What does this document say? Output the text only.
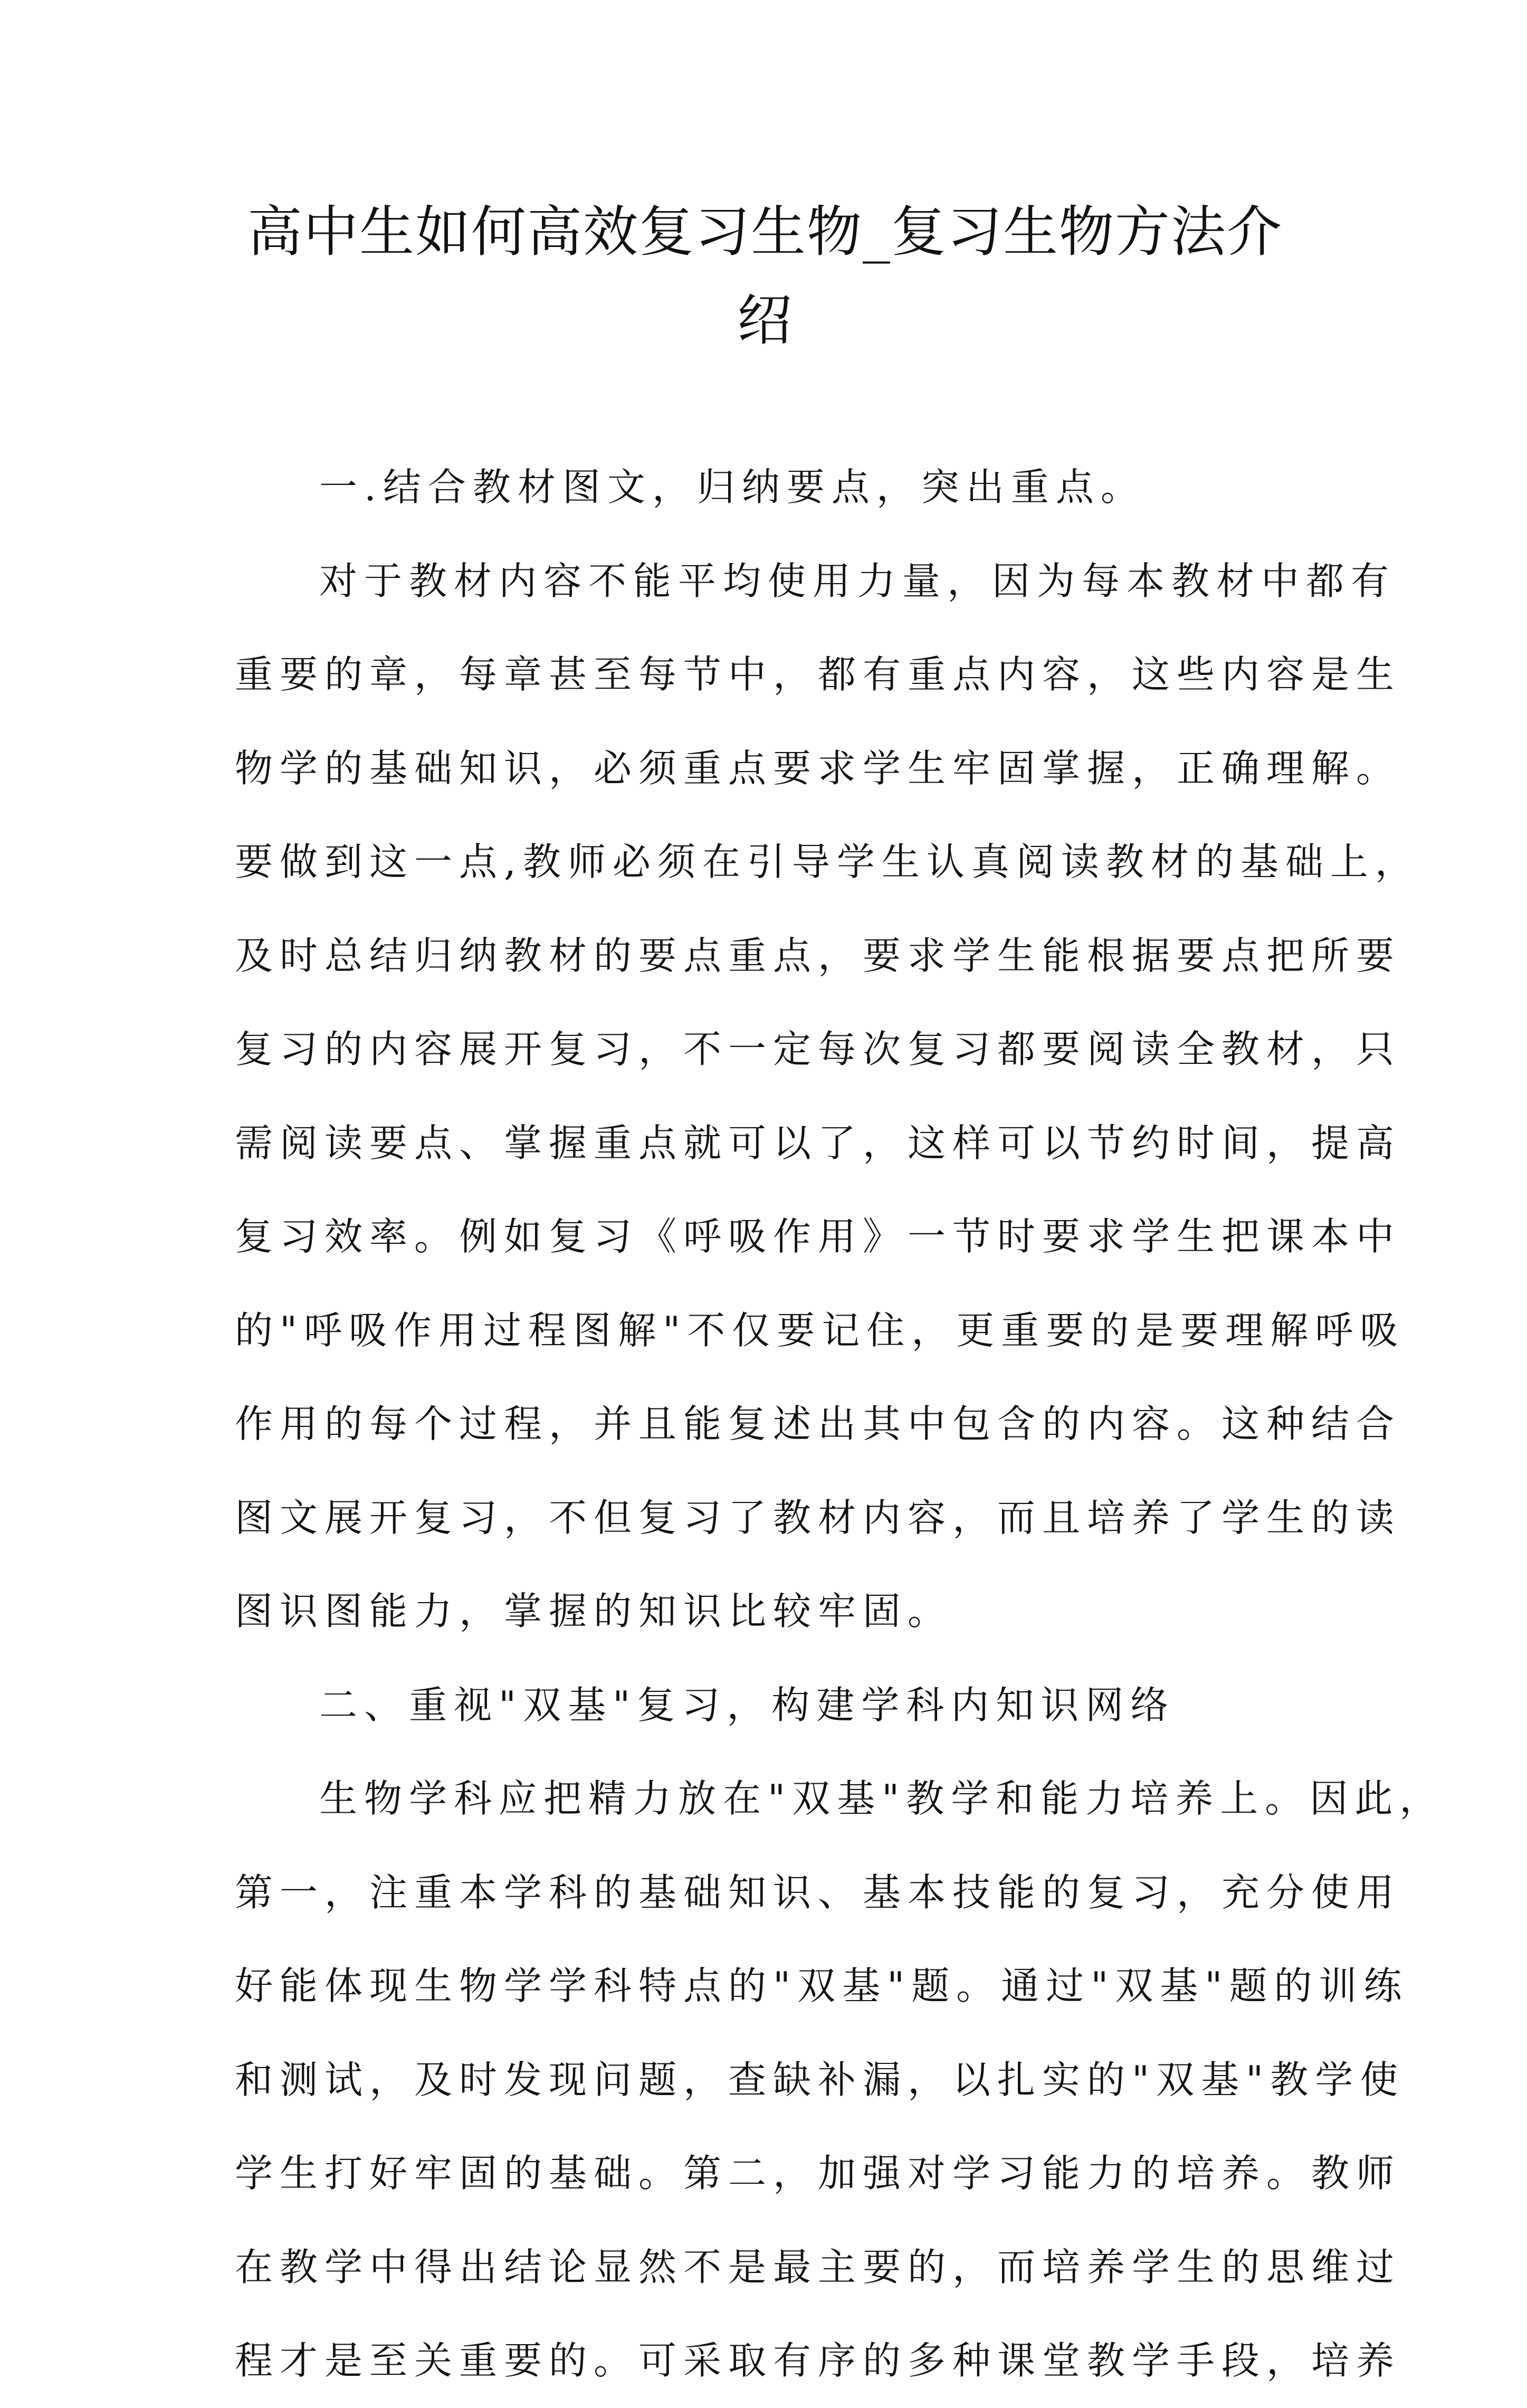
高中生如何高效复习生物_复习生物方法介
绍
一.结合教材图文，归纳要点，突出重点。
对于教材内容不能平均使用力量，因为每本教材中都有
重要的章，每章甚至每节中，都有重点内容，这些内容是生
物学的基础知识，必须重点要求学生牢固掌握，正确理解。
要做到这一点,教师必须在引导学生认真阅读教材的基础上，
及时总结归纳教材的要点重点，要求学生能根据要点把所要
复习的内容展开复习，不一定每次复习都要阅读全教材，只
需阅读要点、掌握重点就可以了，这样可以节约时间，提高
复习效率。例如复习《呼吸作用》一节时要求学生把课本中
的"呼吸作用过程图解"不仅要记住，更重要的是要理解呼吸
作用的每个过程，并且能复述出其中包含的内容。这种结合
图文展开复习，不但复习了教材内容，而且培养了学生的读
图识图能力，掌握的知识比较牢固。
二、重视"双基"复习，构建学科内知识网络
生物学科应把精力放在"双基"教学和能力培养上。因此，
第一，注重本学科的基础知识、基本技能的复习，充分使用
好能体现生物学学科特点的"双基"题。通过"双基"题的训练
和测试，及时发现问题，查缺补漏，以扎实的"双基"教学使
学生打好牢固的基础。第二，加强对学习能力的培养。教师
在教学中得出结论显然不是最主要的，而培养学生的思维过
程才是至关重要的。可采取有序的多种课堂教学手段，培养
